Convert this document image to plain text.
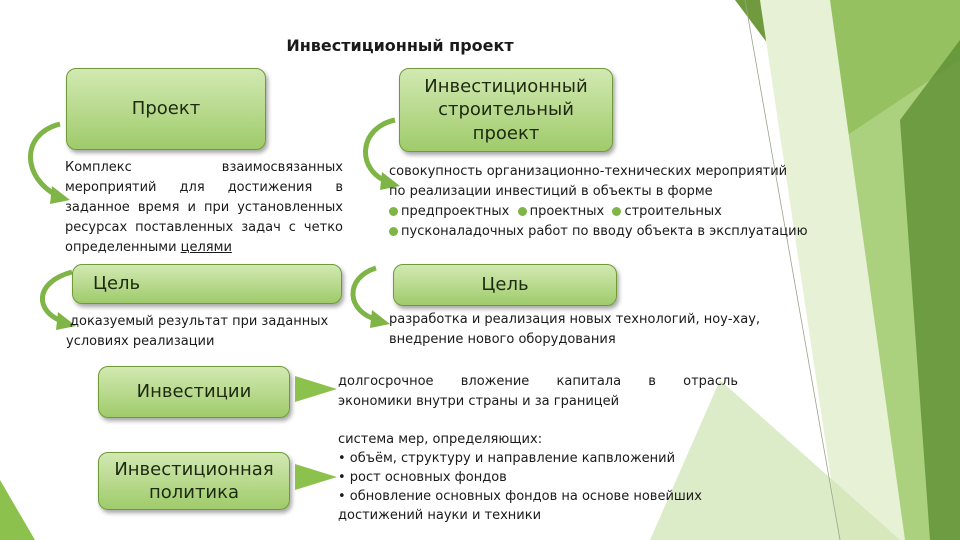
Инвестиционный проект
Проект
Комплекс	взаимосвязанных
мероприятий для достижения в
заданное время и при установленных
ресурсах поставленных задач с четко
определенными целями
Цель
доказуемый результат при заданных
условиях реализации
Инвестиционный
строительный
проект
совокупность организационно-технических мероприятий
по реализации инвестиций в объекты в форме
предпроектных проектных строительных
пусконаладочных работ по вводу объекта в эксплуатацию
Цель
разработка и реализация новых технологий, ноу-хау,
внедрение нового оборудования
Инвестиции	долгосрочное вложение капитала в отрасль
экономики внутри страны и за границей
Инвестиционная
политика
система мер, определяющих:
• объём, структуру и направление капвложений
• рост основных фондов
• обновление основных фондов на основе новейших
достижений науки и техники
